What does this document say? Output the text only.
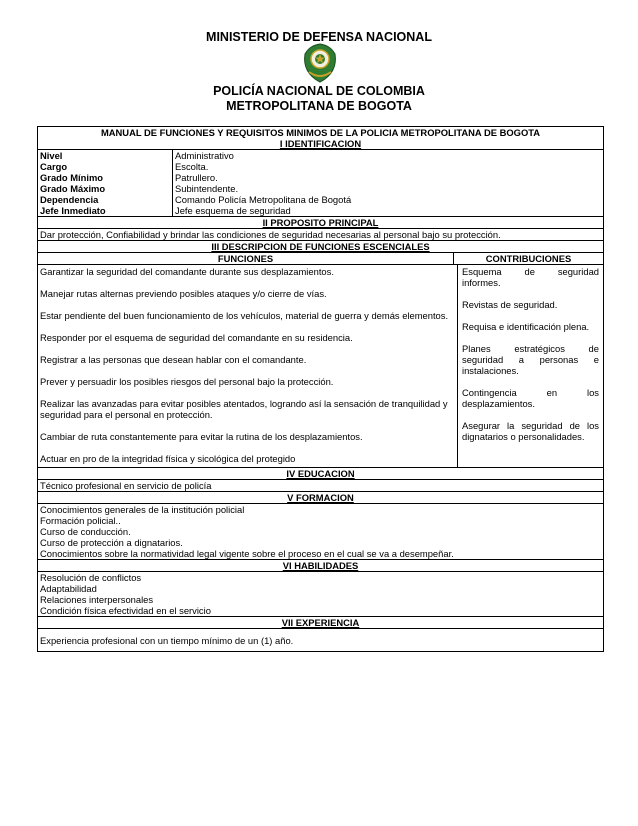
MINISTERIO DE DEFENSA NACIONAL
POLICÍA NACIONAL DE COLOMBIA
METROPOLITANA DE BOGOTA
MANUAL DE FUNCIONES Y REQUISITOS MINIMOS DE LA POLICIA METROPOLITANA DE BOGOTA
I IDENTIFICACION
Nivel
Cargo
Grado Mínimo
Grado Máximo
Dependencia
Jefe Inmediato
Administrativo
Escolta.
Patrullero.
Subintendente.
Comando Policía Metropolitana de Bogotá
Jefe esquema de seguridad
II PROPOSITO PRINCIPAL
Dar protección, Confiabilidad y brindar las condiciones de seguridad necesarias al personal bajo su protección.
III DESCRIPCION DE FUNCIONES ESCENCIALES
FUNCIONES	CONTRIBUCIONES

Garantizar la seguridad del comandante durante sus desplazamientos.

Manejar rutas alternas previendo posibles ataques y/o cierre de vías.

Estar pendiente del buen funcionamiento de los vehículos, material de guerra y demás elementos.

Responder por el esquema de seguridad del comandante en su residencia.

Registrar a las personas que desean hablar con el comandante.

Prever y persuadir los posibles riesgos del personal bajo la protección.

Realizar las avanzadas para evitar posibles atentados, logrando así la sensación de tranquilidad y seguridad para el personal en protección.

Cambiar de ruta constantemente para evitar la rutina de los desplazamientos.

Actuar en pro de la integridad física y sicológica del protegido

Esquema de seguridad informes.

Revistas de seguridad.

Requisa e identificación plena.

Planes estratégicos de seguridad a personas e instalaciones.

Contingencia en los desplazamientos.

Asegurar la seguridad de los dignatarios o personalidades.

IV EDUCACION
Técnico profesional en servicio de policía
V FORMACION
Conocimientos generales de la institución policial
Formación policial..
Curso de conducción.
Curso de protección a dignatarios.
Conocimientos sobre la normatividad legal vigente sobre el proceso en el cual se va a desempeñar.
VI HABILIDADES
Resolución de conflictos
Adaptabilidad
Relaciones interpersonales
Condición física efectividad en el servicio
VII EXPERIENCIA
Experiencia profesional con un tiempo mínimo de un (1) año.
